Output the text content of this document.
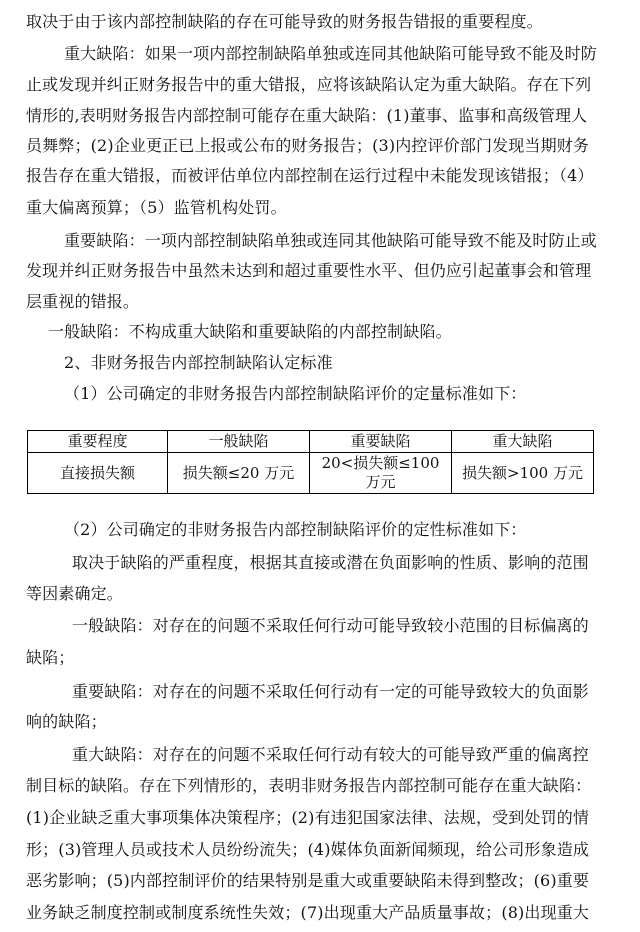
取决于由于该内部控制缺陷的存在可能导致的财务报告错报的重要程度。
重大缺陷：如果一项内部控制缺陷单独或连同其他缺陷可能导致不能及时防
止或发现并纠正财务报告中的重大错报，应将该缺陷认定为重大缺陷。存在下列
情形的,表明财务报告内部控制可能存在重大缺陷：(1)董事、监事和高级管理人
员舞弊；(2)企业更正已上报或公布的财务报告；(3)内控评价部门发现当期财务
报告存在重大错报，而被评估单位内部控制在运行过程中未能发现该错报；（4）
重大偏离预算；（5）监管机构处罚。
重要缺陷：一项内部控制缺陷单独或连同其他缺陷可能导致不能及时防止或
发现并纠正财务报告中虽然未达到和超过重要性水平、但仍应引起董事会和管理
层重视的错报。
一般缺陷：不构成重大缺陷和重要缺陷的内部控制缺陷。
2、非财务报告内部控制缺陷认定标准
（1）公司确定的非财务报告内部控制缺陷评价的定量标准如下：
重要程度	一般缺陷	重要缺陷	重大缺陷
直接损失额	损失额≤20 万元	20<损失额≤100
万元	损失额>100 万元
（2）公司确定的非财务报告内部控制缺陷评价的定性标准如下：
取决于缺陷的严重程度，根据其直接或潜在负面影响的性质、影响的范围
等因素确定。
一般缺陷：对存在的问题不采取任何行动可能导致较小范围的目标偏离的
缺陷；
重要缺陷：对存在的问题不采取任何行动有一定的可能导致较大的负面影
响的缺陷；
重大缺陷：对存在的问题不采取任何行动有较大的可能导致严重的偏离控
制目标的缺陷。存在下列情形的，表明非财务报告内部控制可能存在重大缺陷：
(1)企业缺乏重大事项集体决策程序；(2)有违犯国家法律、法规，受到处罚的情
形；(3)管理人员或技术人员纷纷流失；(4)媒体负面新闻频现，给公司形象造成
恶劣影响；(5)内部控制评价的结果特别是重大或重要缺陷未得到整改；(6)重要
业务缺乏制度控制或制度系统性失效；(7)出现重大产品质量事故；(8)出现重大
